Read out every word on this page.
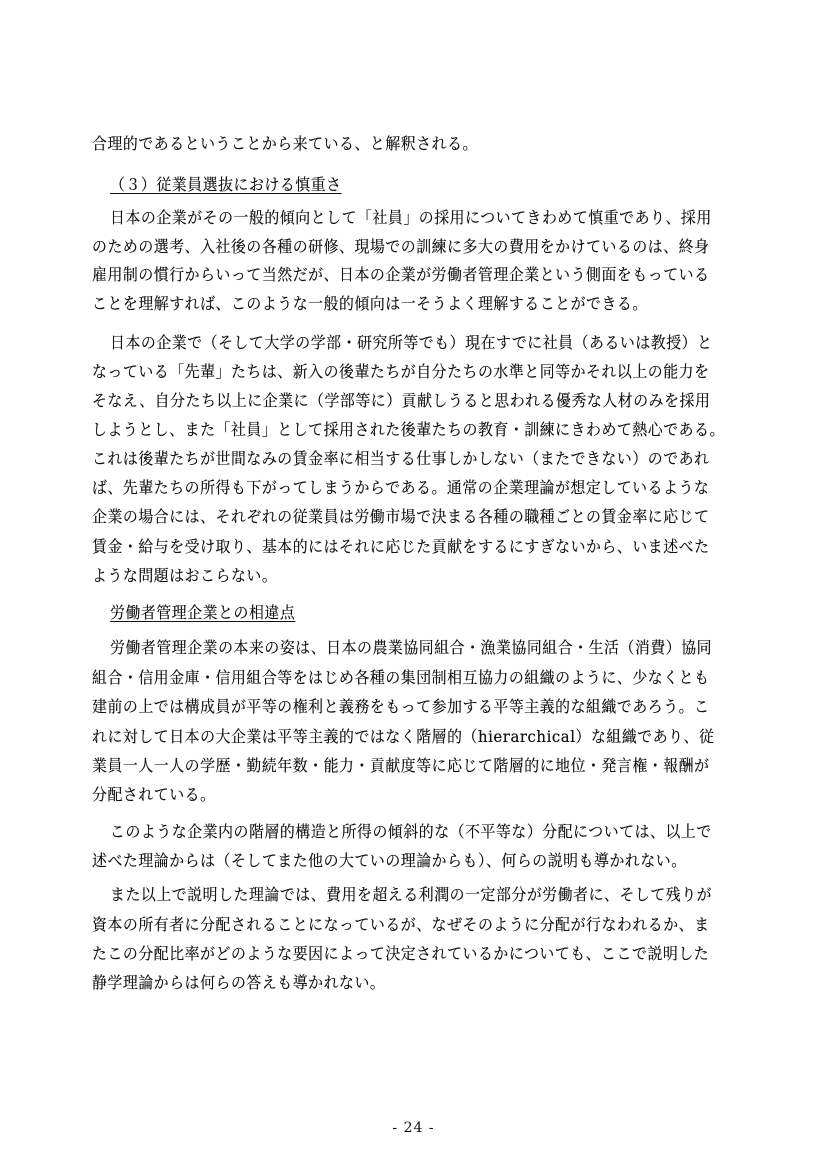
合理的であるということから来ている、と解釈される。
（３）従業員選抜における慎重さ
日本の企業がその一般的傾向として「社員」の採用についてきわめて慎重であり、採用
のための選考、入社後の各種の研修、現場での訓練に多大の費用をかけているのは、終身
雇用制の慣行からいって当然だが、日本の企業が労働者管理企業という側面をもっている
ことを理解すれば、このような一般的傾向は一そうよく理解することができる。
日本の企業で（そして大学の学部・研究所等でも）現在すでに社員（あるいは教授）と
なっている「先輩」たちは、新入の後輩たちが自分たちの水準と同等かそれ以上の能力を
そなえ、自分たち以上に企業に（学部等に）貢献しうると思われる優秀な人材のみを採用
しようとし、また「社員」として採用された後輩たちの教育・訓練にきわめて熱心である。
これは後輩たちが世間なみの賃金率に相当する仕事しかしない（またできない）のであれ
ば、先輩たちの所得も下がってしまうからである。通常の企業理論が想定しているような
企業の場合には、それぞれの従業員は労働市場で決まる各種の職種ごとの賃金率に応じて
賃金・給与を受け取り、基本的にはそれに応じた貢献をするにすぎないから、いま述べた
ような問題はおこらない。
労働者管理企業との相違点
労働者管理企業の本来の姿は、日本の農業協同組合・漁業協同組合・生活（消費）協同
組合・信用金庫・信用組合等をはじめ各種の集団制相互協力の組織のように、少なくとも
建前の上では構成員が平等の権利と義務をもって参加する平等主義的な組織であろう。こ
れに対して日本の大企業は平等主義的ではなく階層的（hierarchical）な組織であり、従
業員一人一人の学歴・勤続年数・能力・貢献度等に応じて階層的に地位・発言権・報酬が
分配されている。
このような企業内の階層的構造と所得の傾斜的な（不平等な）分配については、以上で
述べた理論からは（そしてまた他の大ていの理論からも）、何らの説明も導かれない。
また以上で説明した理論では、費用を超える利潤の一定部分が労働者に、そして残りが
資本の所有者に分配されることになっているが、なぜそのように分配が行なわれるか、ま
たこの分配比率がどのような要因によって決定されているかについても、ここで説明した
静学理論からは何らの答えも導かれない。
- 24 -
